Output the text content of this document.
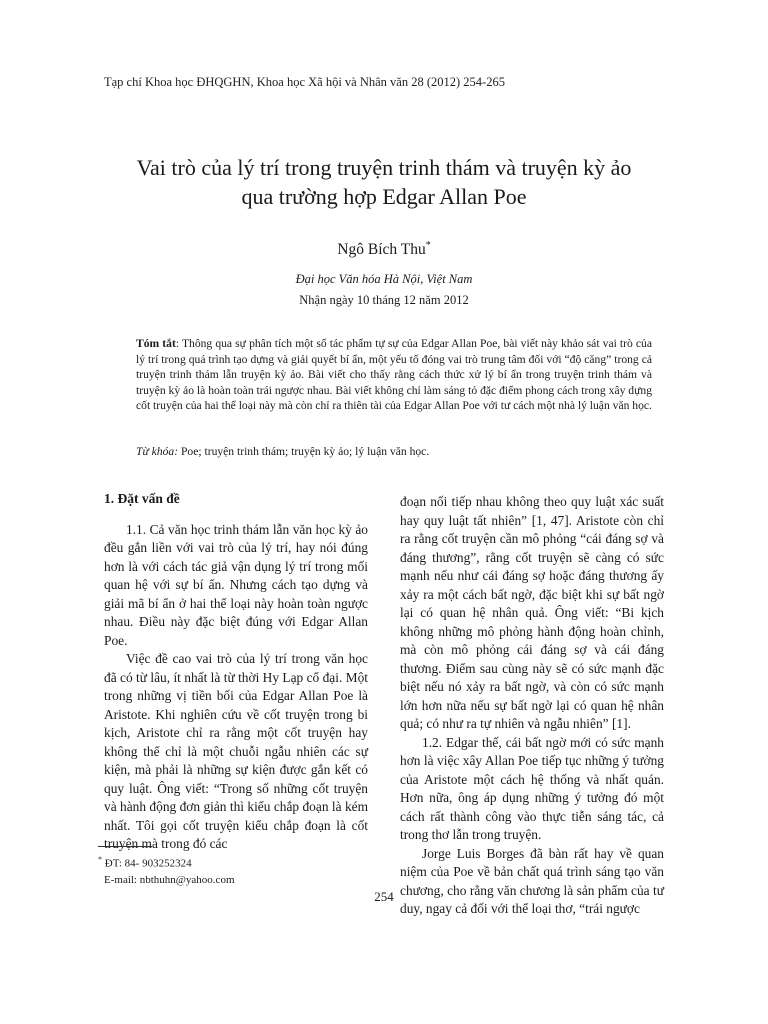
Tạp chí Khoa học ĐHQGHN, Khoa học Xã hội và Nhân văn 28 (2012) 254-265
Vai trò của lý trí trong truyện trinh thám và truyện kỳ ảo
qua trường hợp Edgar Allan Poe
Ngô Bích Thu*
Đại học Văn hóa Hà Nội, Việt Nam
Nhận ngày 10 tháng 12 năm 2012
Tóm tắt: Thông qua sự phân tích một số tác phẩm tự sự của Edgar Allan Poe, bài viết này khảo sát vai trò của lý trí trong quá trình tạo dựng và giải quyết bí ẩn, một yếu tố đóng vai trò trung tâm đối với “độ căng” trong cả truyện trinh thám lẫn truyện kỳ ảo. Bài viết cho thấy rằng cách thức xử lý bí ẩn trong truyện trinh thám và truyện kỳ ảo là hoàn toàn trái ngược nhau. Bài viết không chỉ làm sáng tỏ đặc điểm phong cách trong xây dựng cốt truyện của hai thể loại này mà còn chỉ ra thiên tài của Edgar Allan Poe với tư cách một nhà lý luận văn học.
Từ khóa: Poe; truyện trinh thám; truyện kỳ ảo; lý luận văn học.
1. Đặt vấn đề

1.1. Cả văn học trinh thám lẫn văn học kỳ ảo đều gắn liền với vai trò của lý trí, hay nói đúng hơn là với cách tác giả vận dụng lý trí trong mối quan hệ với sự bí ẩn. Nhưng cách tạo dựng và giải mã bí ẩn ở hai thể loại này hoàn toàn ngược nhau. Điều này đặc biệt đúng với Edgar Allan Poe.

Việc đề cao vai trò của lý trí trong văn học đã có từ lâu, ít nhất là từ thời Hy Lạp cổ đại. Một trong những vị tiền bối của Edgar Allan Poe là Aristote. Khi nghiên cứu về cốt truyện trong bi kịch, Aristote chỉ ra rằng một cốt truyện hay không thể chỉ là một chuỗi ngẫu nhiên các sự kiện, mà phải là những sự kiện được gắn kết có quy luật. Ông viết: “Trong số những cốt truyện và hành động đơn giản thì kiểu chắp đoạn là kém nhất. Tôi gọi cốt truyện kiểu chắp đoạn là cốt truyện mà trong đó các

đoạn nối tiếp nhau không theo quy luật xác suất hay quy luật tất nhiên” [1, 47]. Aristote còn chỉ ra rằng cốt truyện cần mô phỏng “cái đáng sợ và đáng thương”, rằng cốt truyện sẽ càng có sức mạnh nếu như cái đáng sợ hoặc đáng thương ấy xảy ra một cách bất ngờ, đặc biệt khi sự bất ngờ lại có quan hệ nhân quả. Ông viết: “Bi kịch không những mô phỏng hành động hoàn chỉnh, mà còn mô phỏng cái đáng sợ và cái đáng thương. Điểm sau cùng này sẽ có sức mạnh đặc biệt nếu nó xảy ra bất ngờ, và còn có sức mạnh lớn hơn nữa nếu sự bất ngờ lại có quan hệ nhân quả; có như ra tự nhiên và ngẫu nhiên” [1].

1.2. Edgar thế, cái bất ngờ mới có sức mạnh hơn là việc xây Allan Poe tiếp tục những ý tưởng của Aristote một cách hệ thống và nhất quán. Hơn nữa, ông áp dụng những ý tưởng đó một cách rất thành công vào thực tiễn sáng tác, cả trong thơ lẫn trong truyện.

Jorge Luis Borges đã bàn rất hay về quan niệm của Poe về bản chất quá trình sáng tạo văn chương, cho rằng văn chương là sản phẩm của tư duy, ngay cả đối với thể loại thơ, “trái ngược

* ĐT: 84- 903252324
E-mail: nbthuhn@yahoo.com
254
